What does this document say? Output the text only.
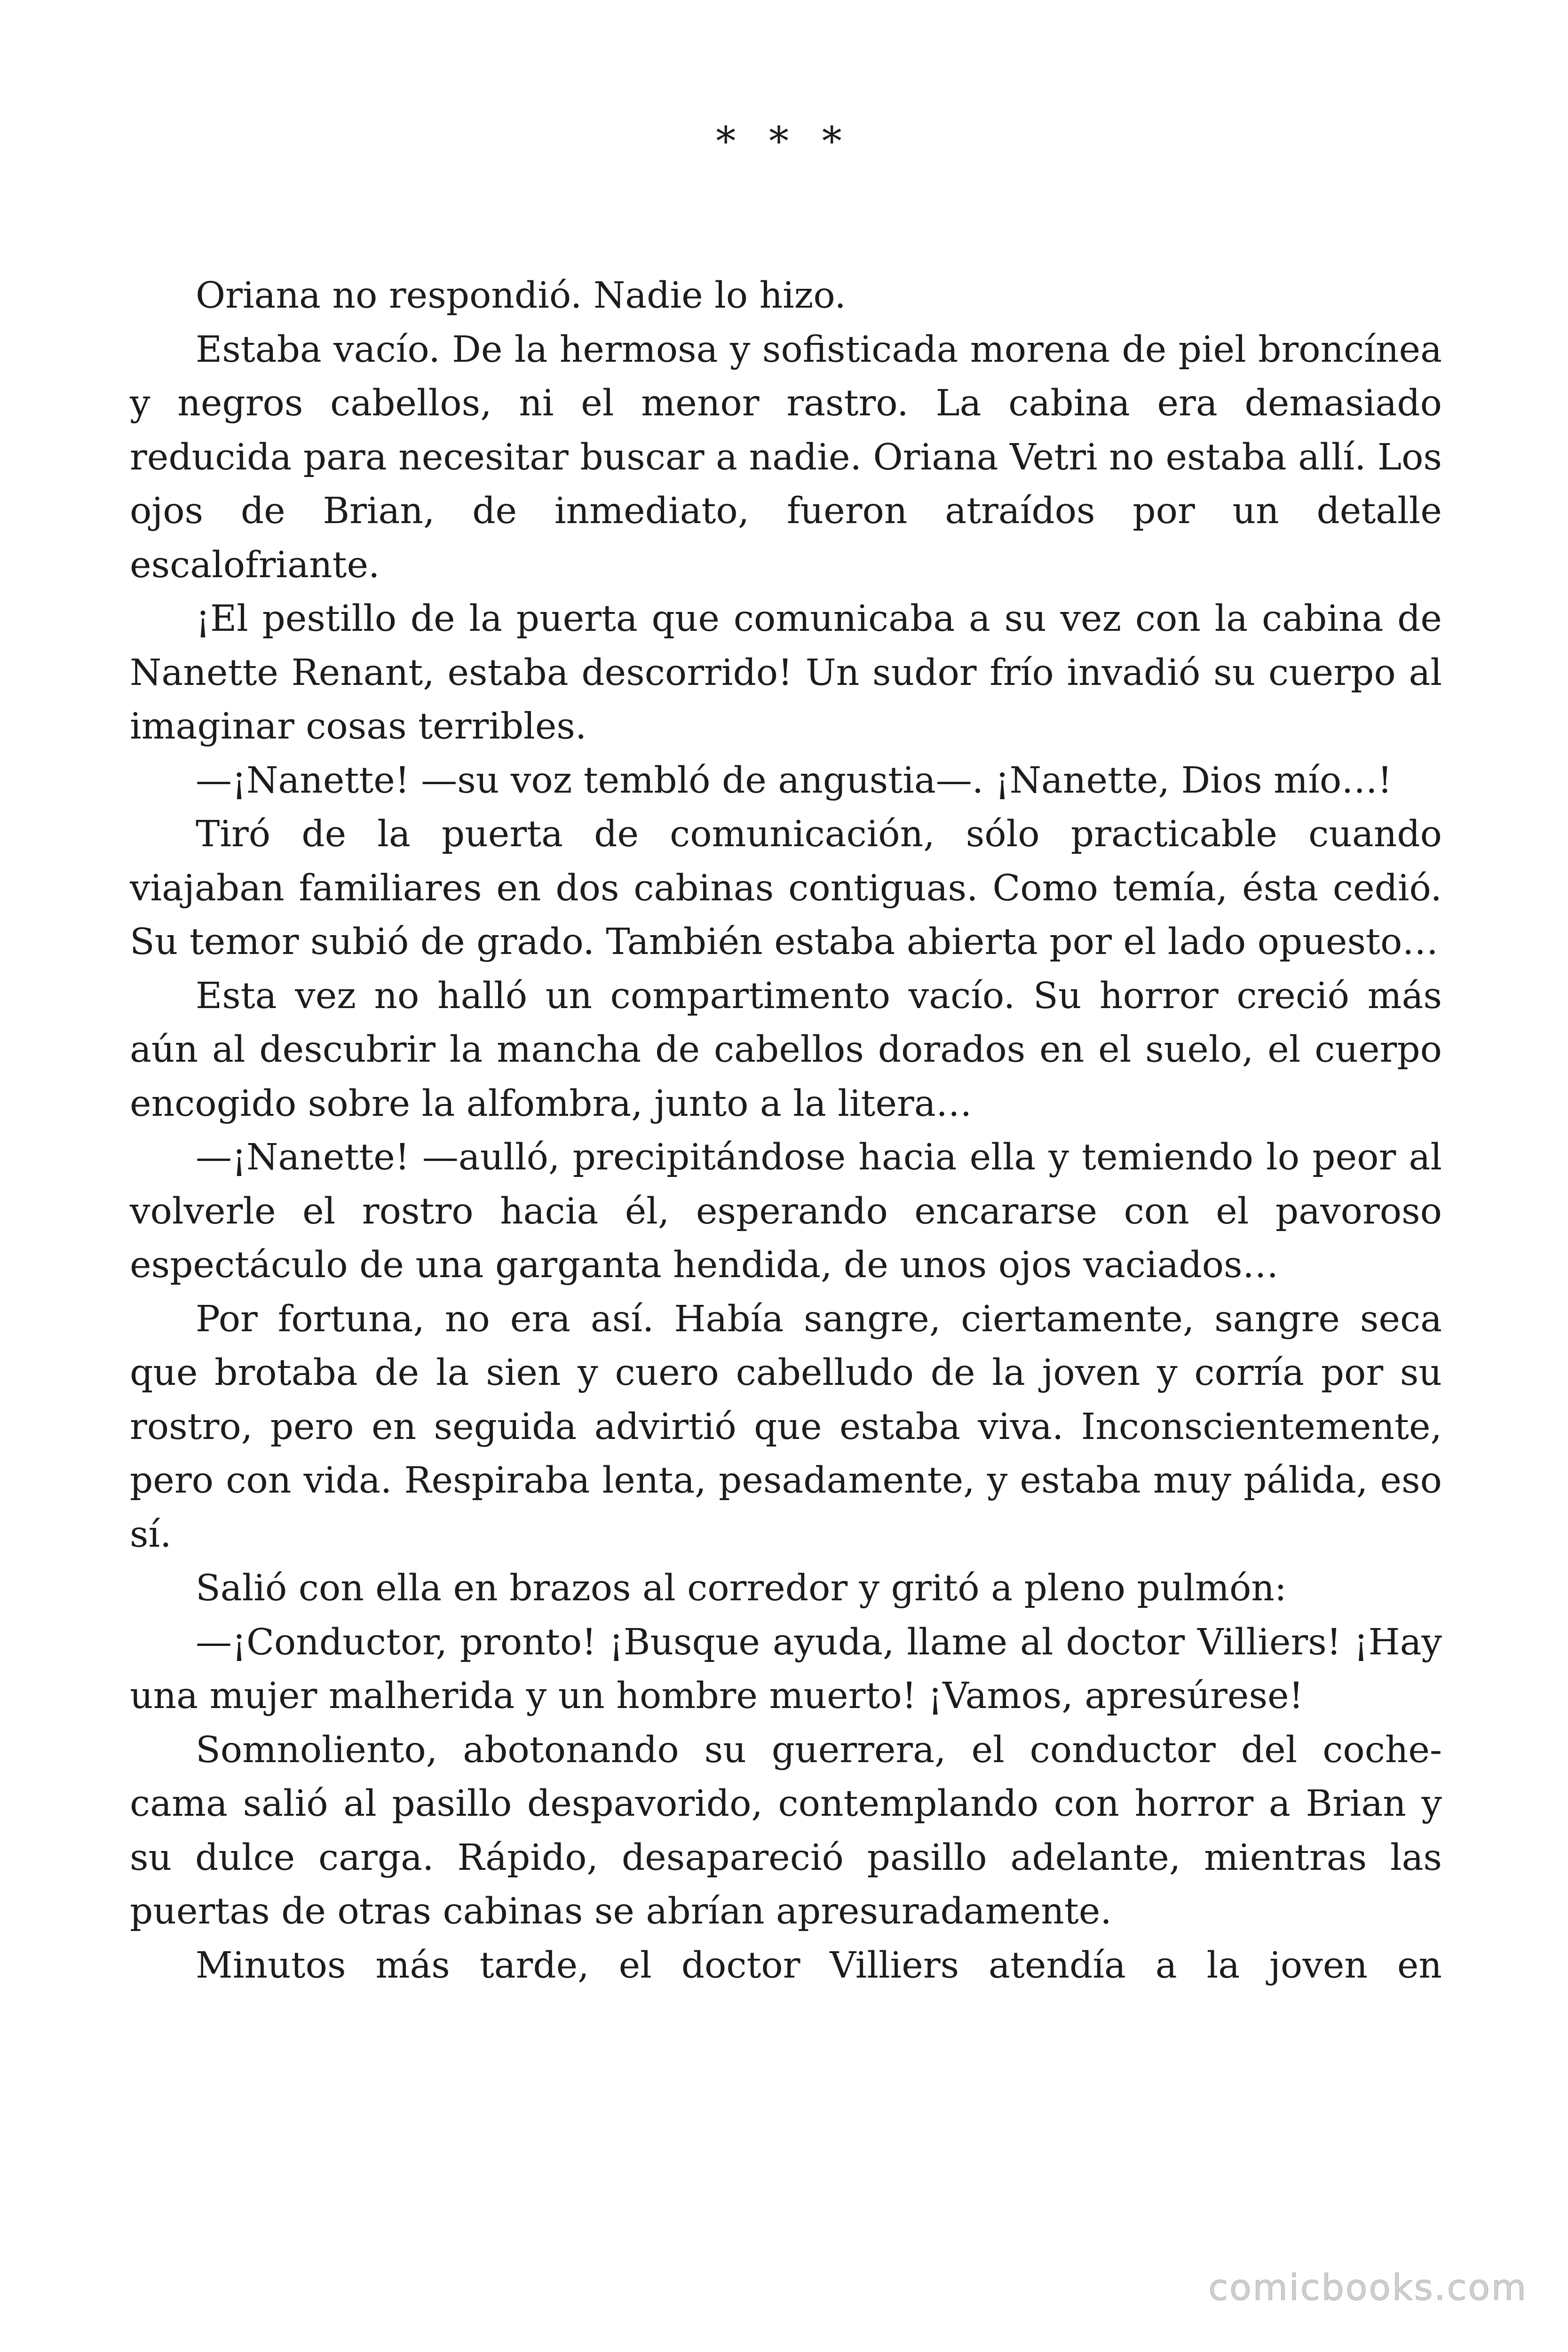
* * *

Oriana no respondió. Nadie lo hizo.

Estaba vacío. De la hermosa y sofisticada morena de piel broncínea y negros cabellos, ni el menor rastro. La cabina era demasiado reducida para necesitar buscar a nadie. Oriana Vetri no estaba allí. Los ojos de Brian, de inmediato, fueron atraídos por un detalle escalofriante.

¡El pestillo de la puerta que comunicaba a su vez con la cabina de Nanette Renant, estaba descorrido! Un sudor frío invadió su cuerpo al imaginar cosas terribles.

—¡Nanette! —su voz tembló de angustia—. ¡Nanette, Dios mío…!

Tiró de la puerta de comunicación, sólo practicable cuando viajaban familiares en dos cabinas contiguas. Como temía, ésta cedió. Su temor subió de grado. También estaba abierta por el lado opuesto…

Esta vez no halló un compartimento vacío. Su horror creció más aún al descubrir la mancha de cabellos dorados en el suelo, el cuerpo encogido sobre la alfombra, junto a la litera…

—¡Nanette! —aulló, precipitándose hacia ella y temiendo lo peor al volverle el rostro hacia él, esperando encararse con el pavoroso espectáculo de una garganta hendida, de unos ojos vaciados…

Por fortuna, no era así. Había sangre, ciertamente, sangre seca que brotaba de la sien y cuero cabelludo de la joven y corría por su rostro, pero en seguida advirtió que estaba viva. Inconscientemente, pero con vida. Respiraba lenta, pesadamente, y estaba muy pálida, eso sí.

Salió con ella en brazos al corredor y gritó a pleno pulmón:

—¡Conductor, pronto! ¡Busque ayuda, llame al doctor Villiers! ¡Hay una mujer malherida y un hombre muerto! ¡Vamos, apresúrese!

Somnoliento, abotonando su guerrera, el conductor del coche-cama salió al pasillo despavorido, contemplando con horror a Brian y su dulce carga. Rápido, desapareció pasillo adelante, mientras las puertas de otras cabinas se abrían apresuradamente.

Minutos más tarde, el doctor Villiers atendía a la joven en

comicbooks.com
